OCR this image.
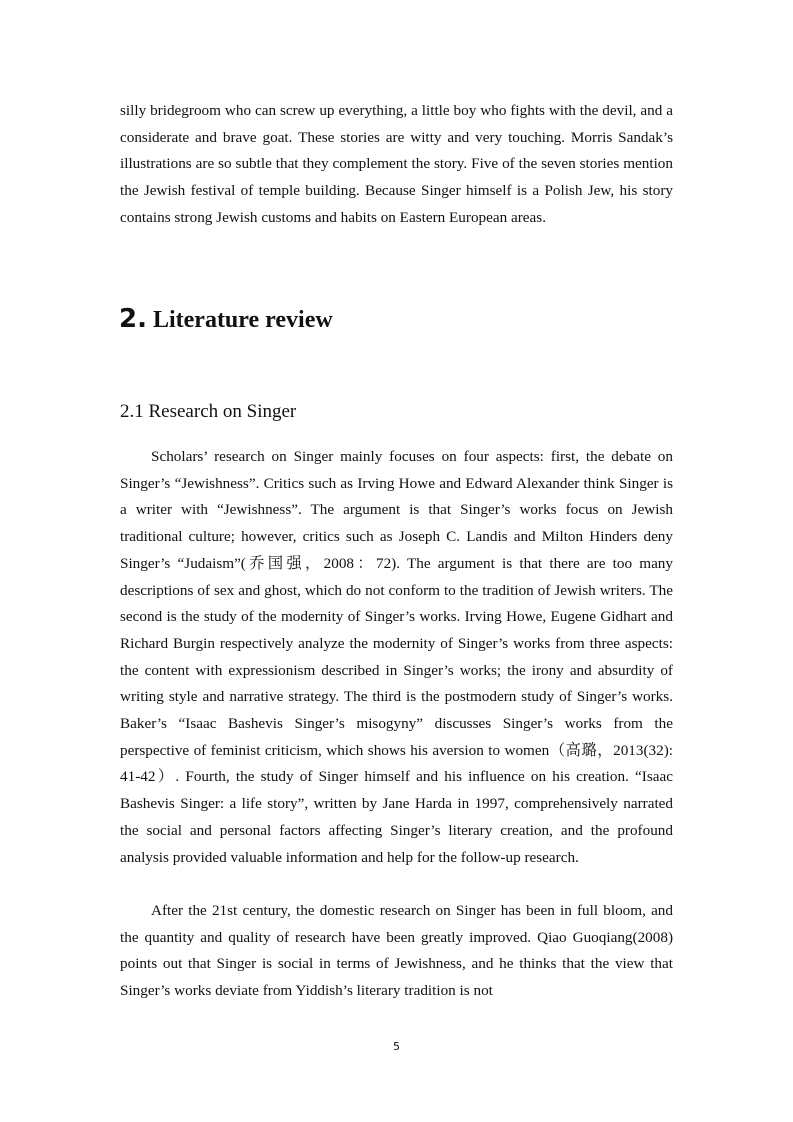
silly bridegroom who can screw up everything, a little boy who fights with the devil, and a considerate and brave goat. These stories are witty and very touching. Morris Sandak’s illustrations are so subtle that they complement the story. Five of the seven stories mention the Jewish festival of temple building. Because Singer himself is a Polish Jew, his story contains strong Jewish customs and habits on Eastern European areas.

2. Literature review
2.1 Research on Singer

Scholars’ research on Singer mainly focuses on four aspects: first, the debate on Singer’s “Jewishness”. Critics such as Irving Howe and Edward Alexander think Singer is a writer with “Jewishness”. The argument is that Singer’s works focus on Jewish traditional culture; however, critics such as Joseph C. Landis and Milton Hinders deny Singer’s “Judaism”(乔国强，2008：72). The argument is that there are too many descriptions of sex and ghost, which do not conform to the tradition of Jewish writers. The second is the study of the modernity of Singer’s works. Irving Howe, Eugene Gidhart and Richard Burgin respectively analyze the modernity of Singer’s works from three aspects: the content with expressionism described in Singer’s works; the irony and absurdity of writing style and narrative strategy. The third is the postmodern study of Singer’s works. Baker’s “Isaac Bashevis Singer’s misogyny” discusses Singer’s works from the perspective of feminist criticism, which shows his aversion to women（高璐，2013(32): 41-42）. Fourth, the study of Singer himself and his influence on his creation. “Isaac Bashevis Singer: a life story”, written by Jane Harda in 1997, comprehensively narrated the social and personal factors affecting Singer’s literary creation, and the profound analysis provided valuable information and help for the follow-up research.

After the 21st century, the domestic research on Singer has been in full bloom, and the quantity and quality of research have been greatly improved. Qiao Guoqiang(2008) points out that Singer is social in terms of Jewishness, and he thinks that the view that Singer’s works deviate from Yiddish’s literary tradition is not

5
